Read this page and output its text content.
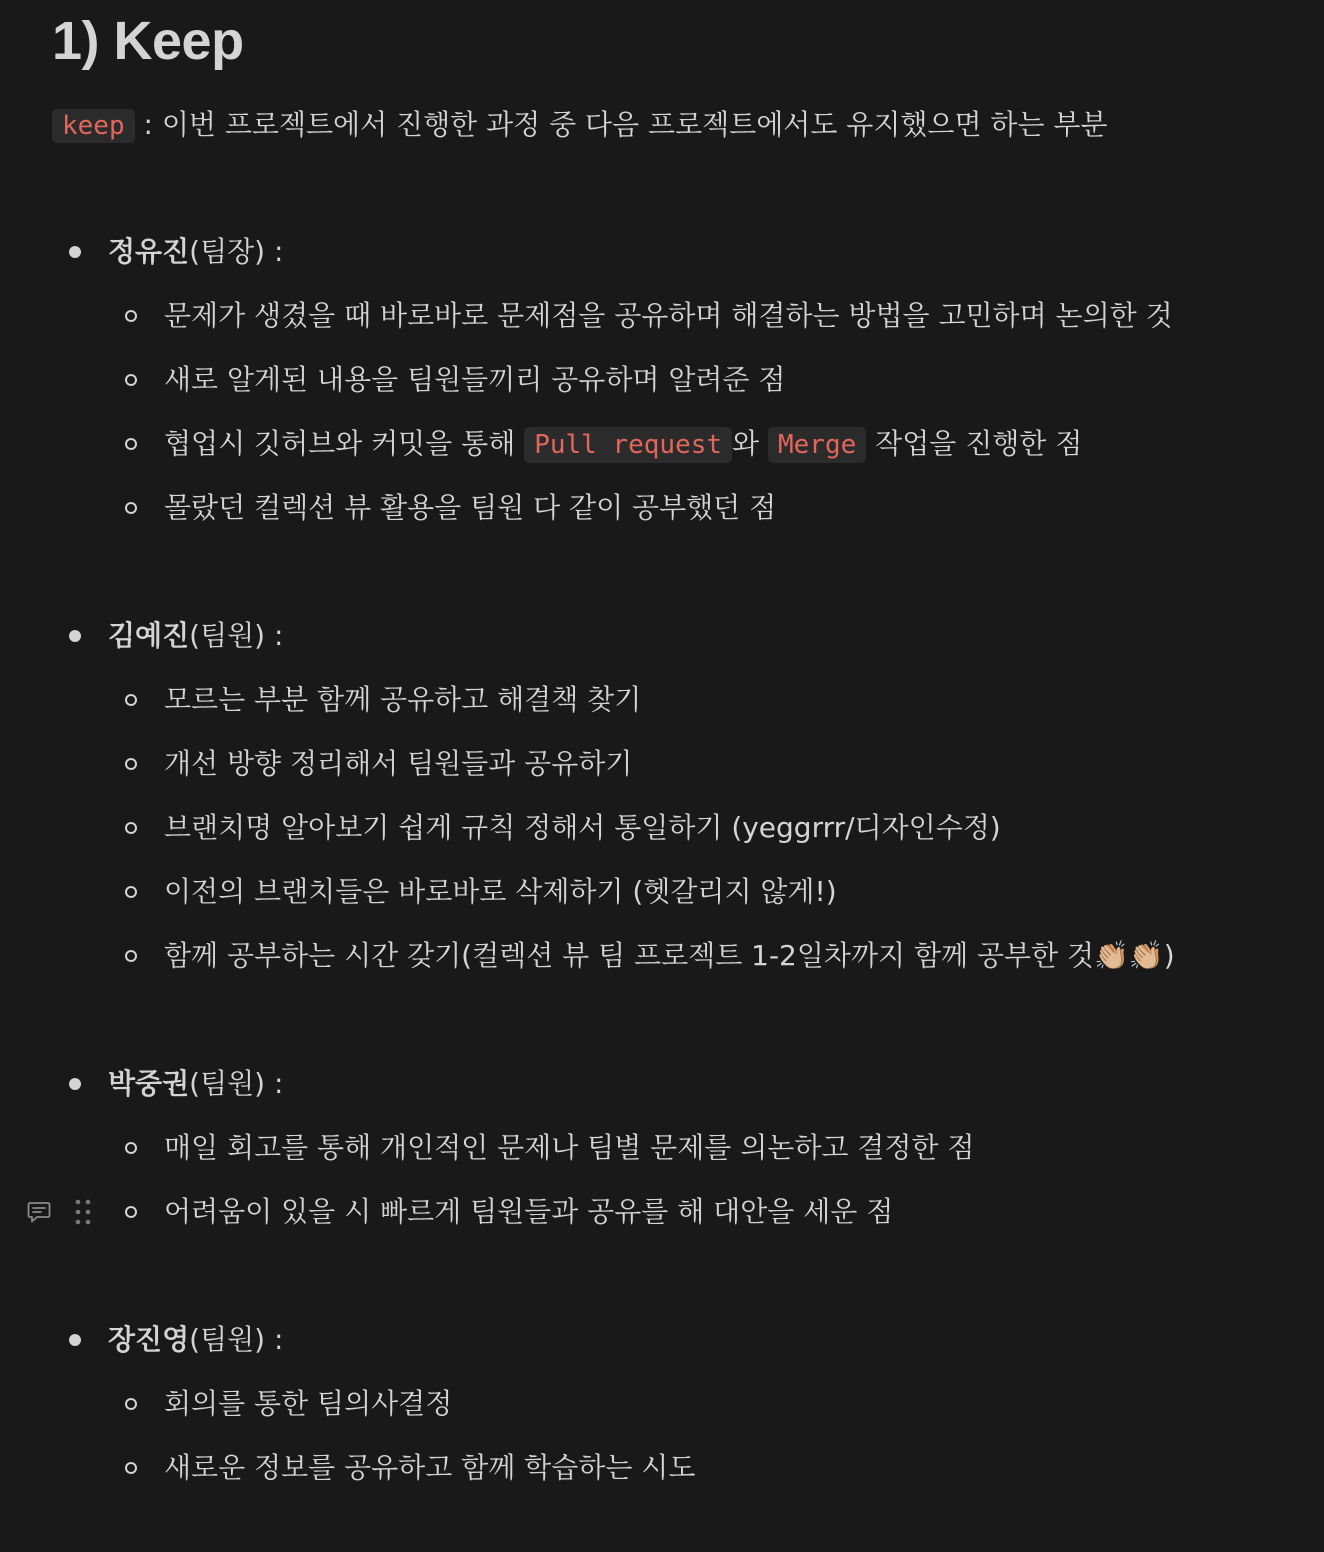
1) Keep
keep : 이번 프로젝트에서 진행한 과정 중 다음 프로젝트에서도 유지했으면 하는 부분
정유진(팀장) :
문제가 생겼을 때 바로바로 문제점을 공유하며 해결하는 방법을 고민하며 논의한 것
새로 알게된 내용을 팀원들끼리 공유하며 알려준 점
협업시 깃허브와 커밋을 통해 Pull request 와 Merge 작업을 진행한 점
몰랐던 컬렉션 뷰 활용을 팀원 다 같이 공부했던 점
김예진(팀원) :
모르는 부분 함께 공유하고 해결책 찾기
개선 방향 정리해서 팀원들과 공유하기
브랜치명 알아보기 쉽게 규칙 정해서 통일하기 (yeggrrr/디자인수정)
이전의 브랜치들은 바로바로 삭제하기 (헷갈리지 않게!)
함께 공부하는 시간 갖기(컬렉션 뷰 팀 프로젝트 1-2일차까지 함께 공부한 것👏🏼👏🏼)
박중권(팀원) :
매일 회고를 통해 개인적인 문제나 팀별 문제를 의논하고 결정한 점
어려움이 있을 시 빠르게 팀원들과 공유를 해 대안을 세운 점
장진영(팀원) :
회의를 통한 팀의사결정
새로운 정보를 공유하고 함께 학습하는 시도
